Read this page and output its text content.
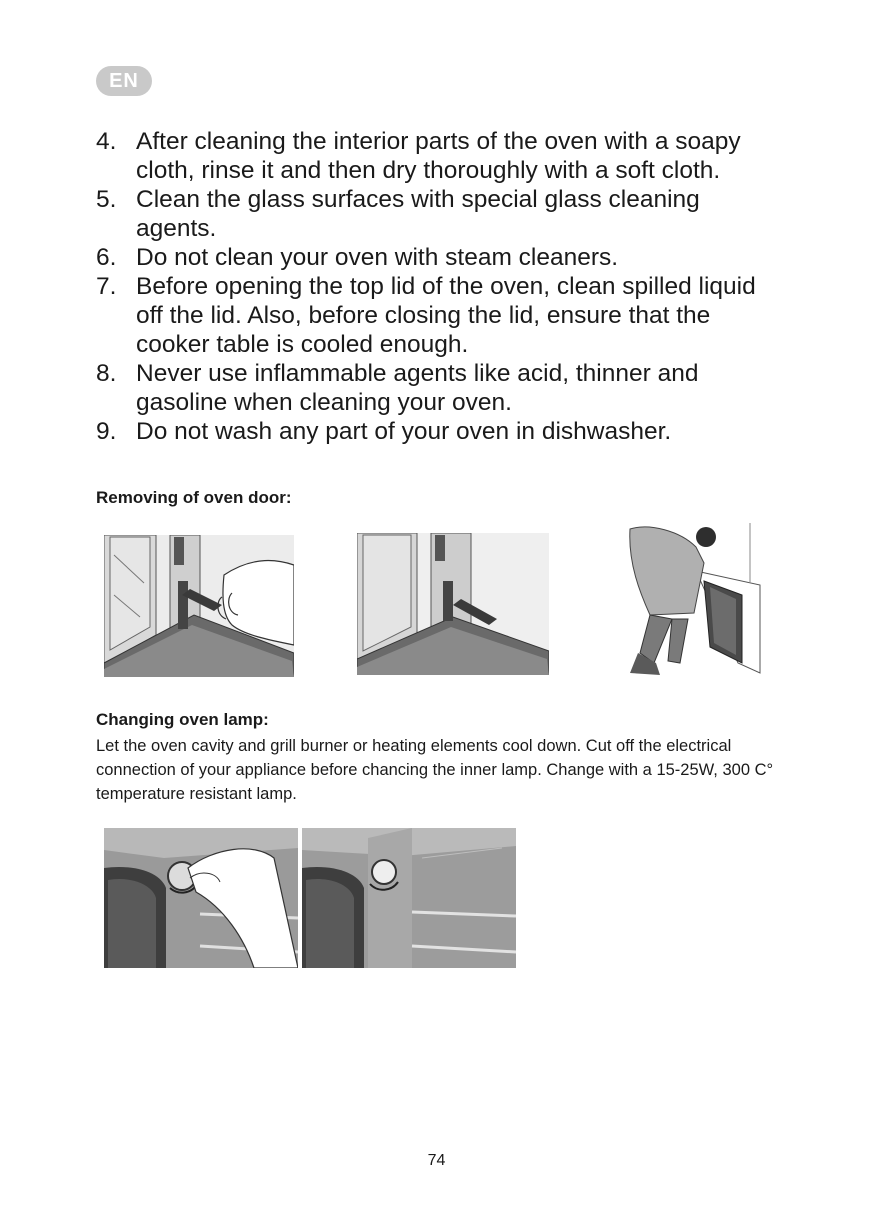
EN
4. After cleaning the interior parts of the oven with a soapy cloth, rinse it and then dry thoroughly with a soft cloth.
5. Clean the glass surfaces with special glass cleaning agents.
6. Do not clean your oven with steam cleaners.
7. Before opening the top lid of the oven, clean spilled liquid off the lid. Also, before closing the lid, ensure that the cooker table is cooled enough.
8. Never use inflammable agents like acid, thinner and gasoline when cleaning your oven.
9. Do not wash any part of your oven in dishwasher.
Removing of oven door:
Changing oven lamp:
Let the oven cavity and grill burner or heating elements cool down. Cut off the electrical connection of your appliance before chancing the inner lamp. Change with a 15-25W, 300 C° temperature resistant lamp.
74
